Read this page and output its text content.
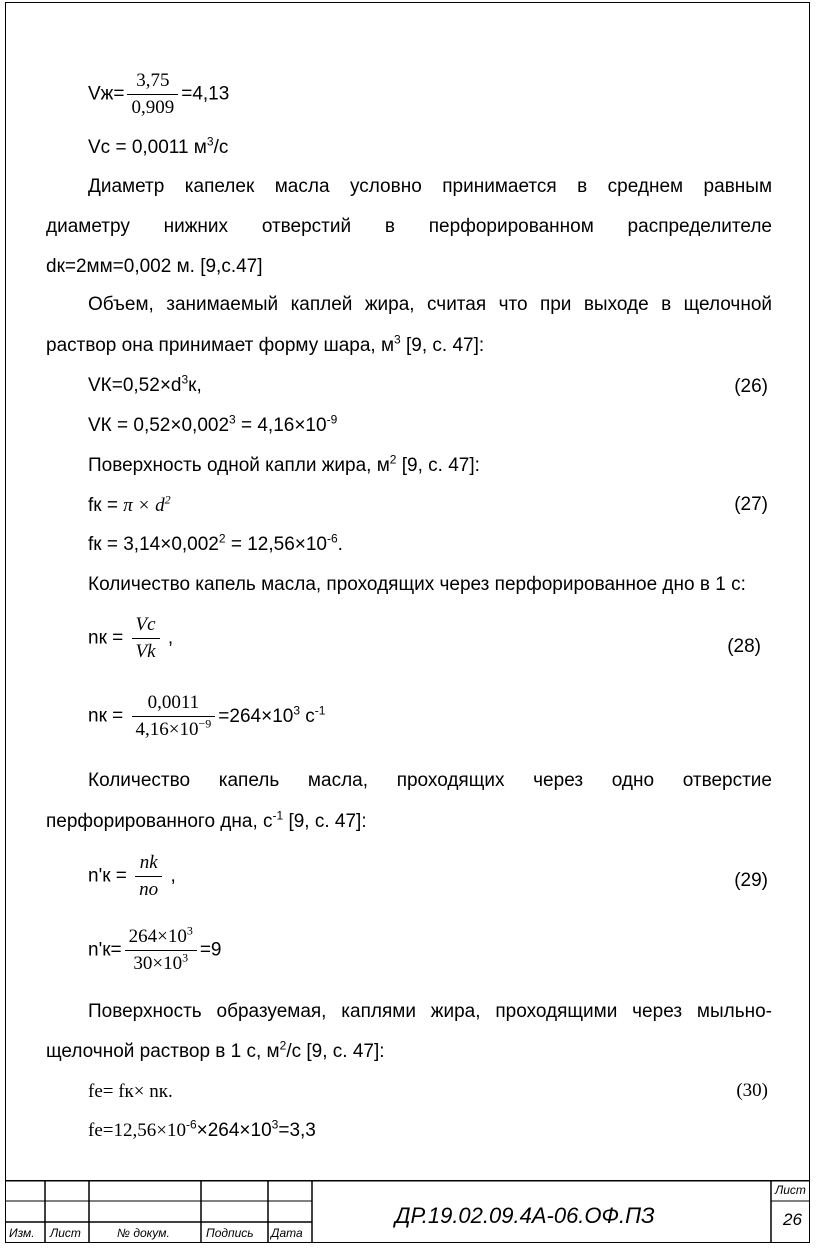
$Vж= \frac{3,75}{0,909} =4,13$
Vс = 0,0011 $м^3/с$
Диаметр капелек масла условно принимается в среднем равным
диаметру нижних отверстий в перфорированном распределителе
dк=2мм=0,002 м. [9,с.47]
Объем, занимаемый каплей жира, считая что при выходе в щелочной
раствор она принимает форму шара, $м^3$ [9, с. 47]:
$VК=0,52\times d^3к$,	(26)
VК = $0,52\times 0,002^3 = 4,16\times 10^{-9}$
Поверхность одной капли жира, $м^2$ [9, с. 47]:
fк = $\pi \times d^2$	(27)
fк = $3,14\times 0,002^2 = 12,56\times 10^{-6}$.
Количество капель масла, проходящих через перфорированное дно в 1 с:
nк = $\frac{Vc}{Vk}$ ,	(28)
nк = $\frac{0,0011}{4,16\times 10^{-9}} =264\times 10^3$ $с^{-1}$
Количество капель масла, проходящих через одно отверстие
перфорированного дна, $с^{-1}$ [9, с. 47]:
$n'к = \frac{nk}{no}$ ,	(29)
$n'к= \frac{264\times 10^3}{30\times 10^3} =9$
Поверхность образуемая, каплями жира, проходящими через мыльно-
щелочной раствор в 1 с, $м^2/с$ [9, с. 47]:
fе= fк× nк.	(30)
$fе=12,56\times 10^{-6}\times 264\times 10^3=3,3$
Изм. Лист	№ докум.	Подпись Дата
Лист
26
ДР.19.02.09.4А-06.ОФ.ПЗ
